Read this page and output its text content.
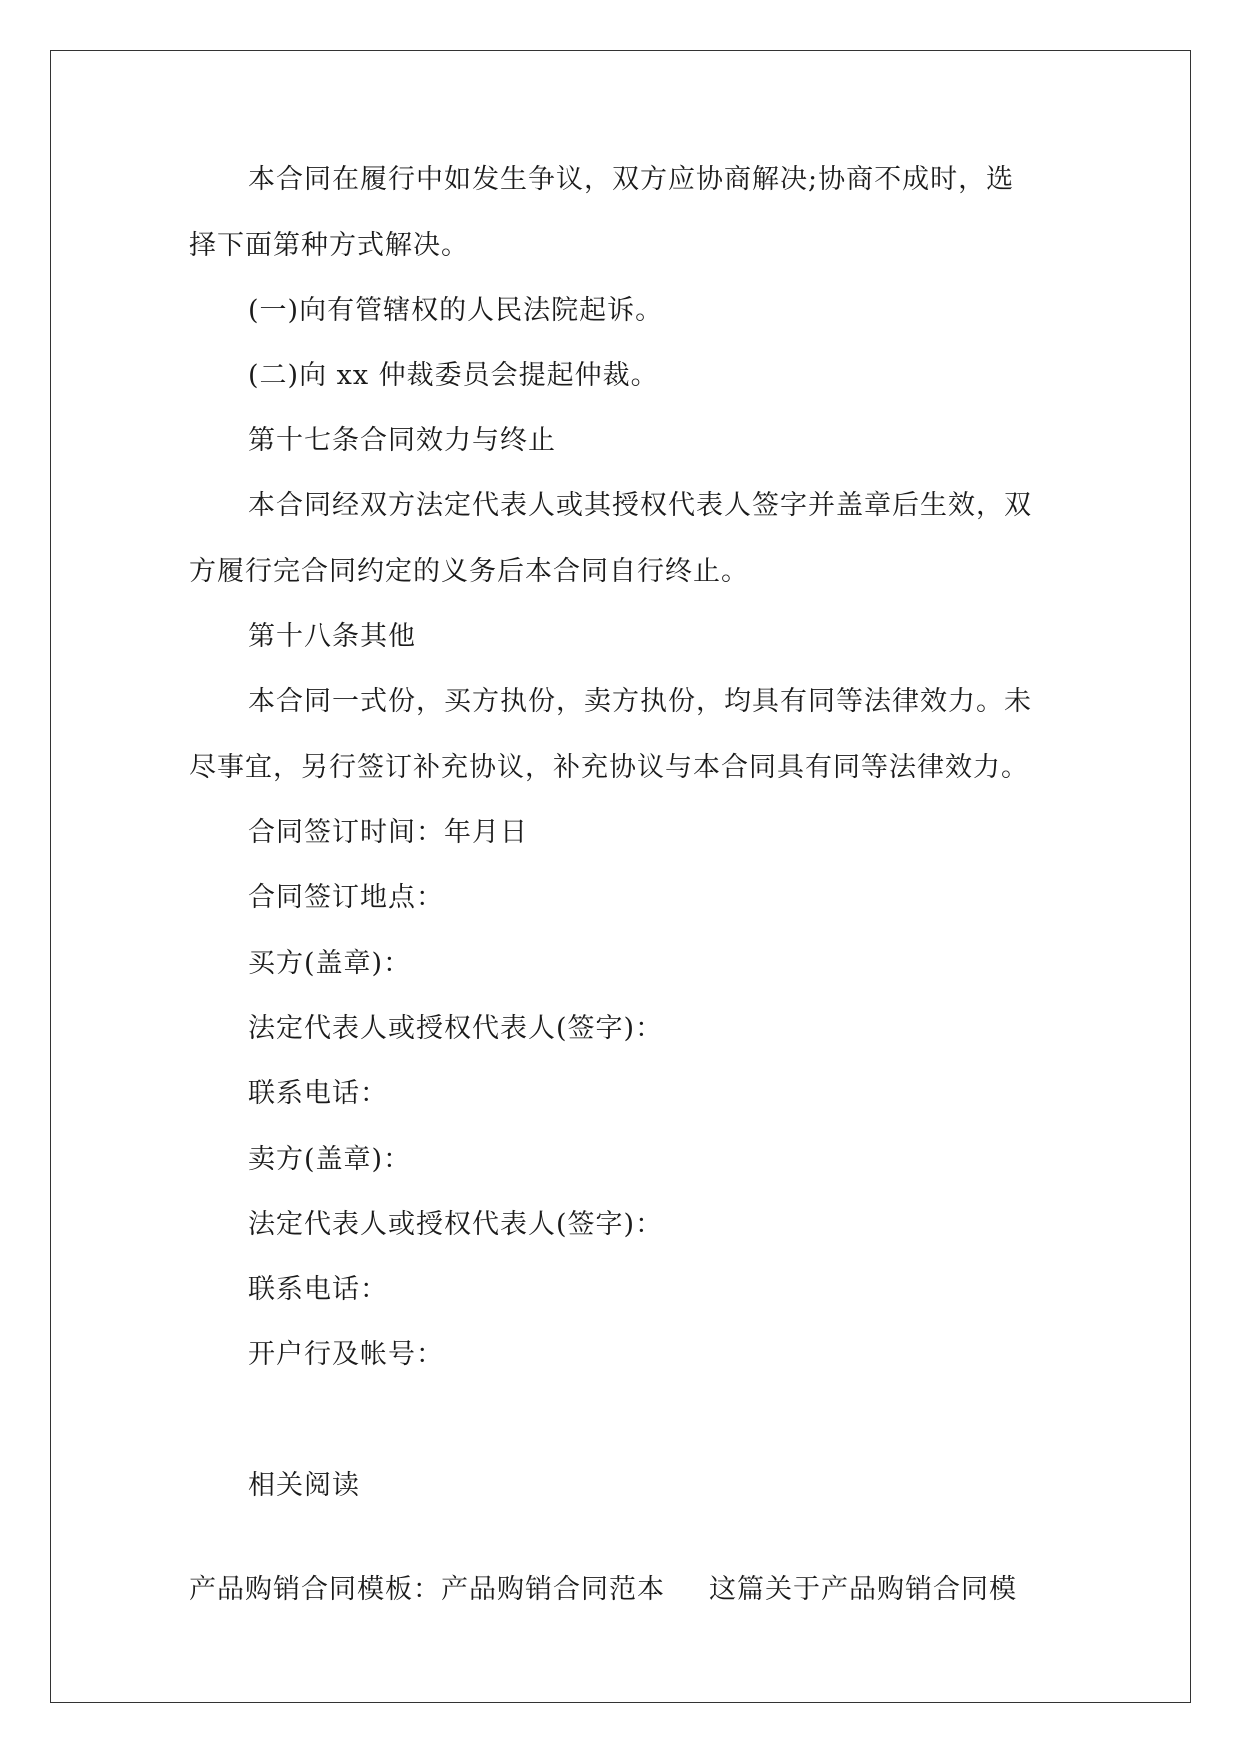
本合同在履行中如发生争议，双方应协商解决;协商不成时，选
择下面第种方式解决。
(一)向有管辖权的人民法院起诉。
(二)向 xx 仲裁委员会提起仲裁。
第十七条合同效力与终止
本合同经双方法定代表人或其授权代表人签字并盖章后生效，双
方履行完合同约定的义务后本合同自行终止。
第十八条其他
本合同一式份，买方执份，卖方执份，均具有同等法律效力。未
尽事宜，另行签订补充协议，补充协议与本合同具有同等法律效力。
合同签订时间：年月日
合同签订地点：
买方(盖章)：
法定代表人或授权代表人(签字)：
联系电话：
卖方(盖章)：
法定代表人或授权代表人(签字)：
联系电话：
开户行及帐号：
相关阅读
产品购销合同模板：产品购销合同范本 这篇关于产品购销合同模
